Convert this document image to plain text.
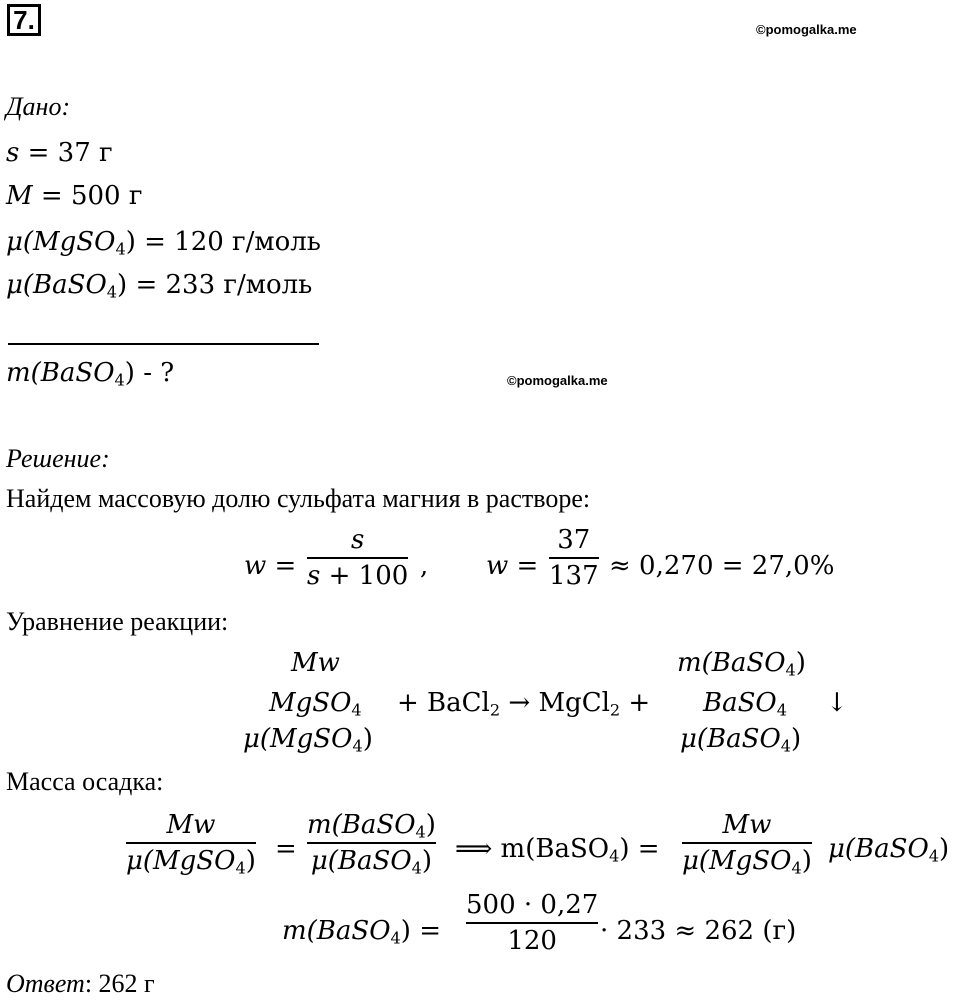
7.	©pomogalka.me
Дано:
s = 37 г
M = 500 г
μ(MgSO$_4$) = 120 г/моль
μ(BaSO$_4$) = 233 г/моль
m(BaSO$_4$) - ?	©pomogalka.me
Решение:
Найдем массовую долю сульфата магния в растворе:
w =
s
s + 100 , w =
37
137 ≈ 0,270 = 27,0%
Уравнение реакции:
Mw
MgSO$_4$
μ(MgSO$_4$)
+ BaCl$_2$ → MgCl$_2$ +
m(BaSO$_4$)
BaSO$_4$
μ(BaSO$_4$)
↓
Масса осадка:
Mw
μ(MgSO$_4$) =
m(BaSO$_4$)
μ(BaSO$_4$) ⟹ m(BaSO$_4$) =
Mw
μ(MgSO$_4$) μ(BaSO$_4$)
m(BaSO$_4$) =
500 · 0,27
120 · 233 ≈ 262 (г)
Ответ: 262 г
